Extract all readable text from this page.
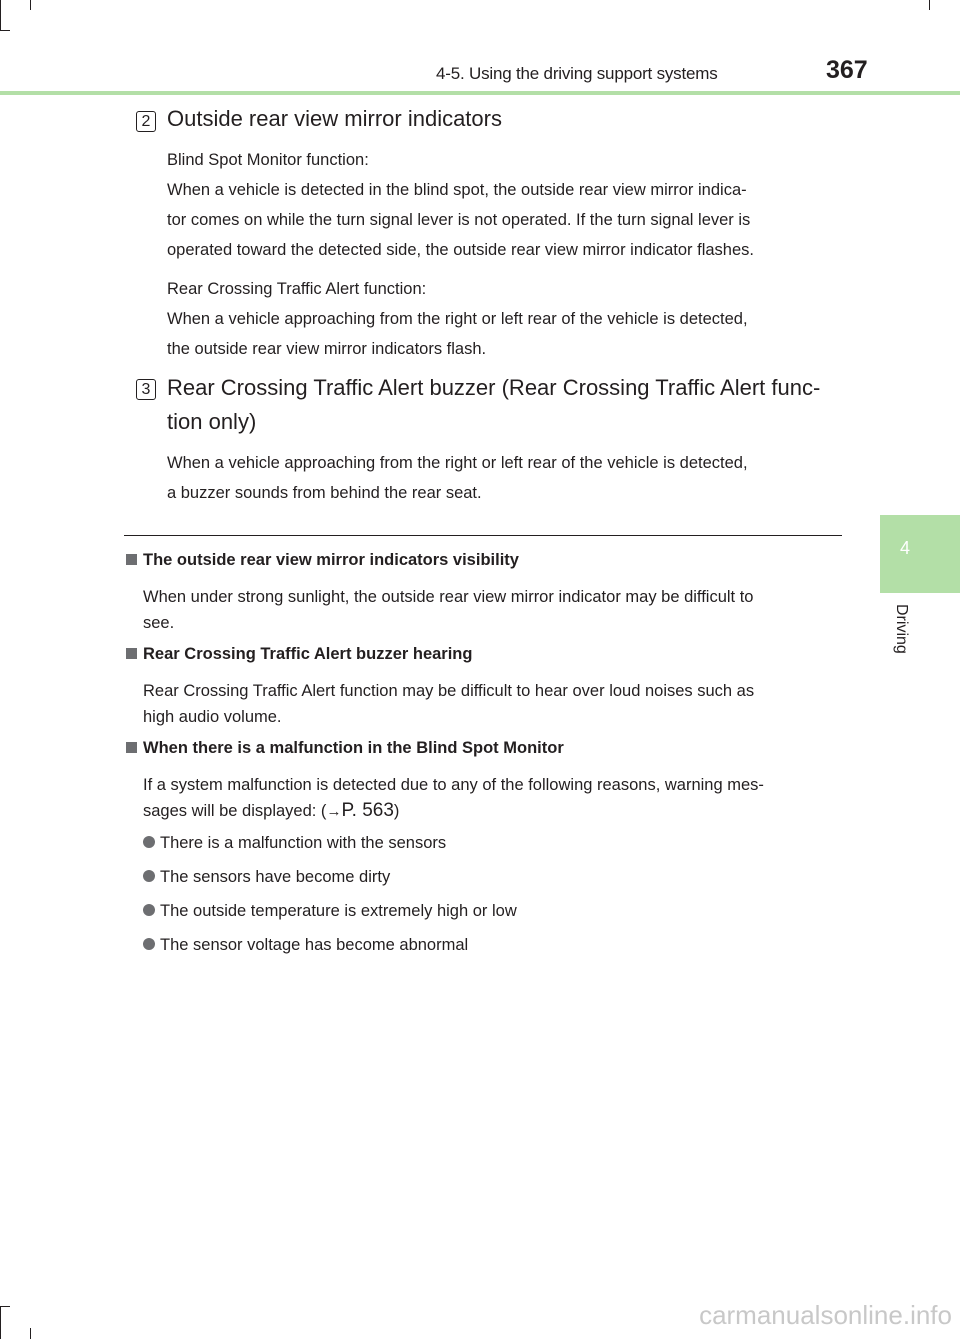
4-5. Using the driving support systems	367
4
Driving
2 Outside rear view mirror indicators

Blind Spot Monitor function:

When a vehicle is detected in the blind spot, the outside rear view mirror indica-

tor comes on while the turn signal lever is not operated. If the turn signal lever is

operated toward the detected side, the outside rear view mirror indicator flashes.

Rear Crossing Traffic Alert function:

When a vehicle approaching from the right or left rear of the vehicle is detected,

the outside rear view mirror indicators flash.

3 Rear Crossing Traffic Alert buzzer (Rear Crossing Traffic Alert func-
tion only)

When a vehicle approaching from the right or left rear of the vehicle is detected,

a buzzer sounds from behind the rear seat.

The outside rear view mirror indicators visibility
When under strong sunlight, the outside rear view mirror indicator may be difficult to
see.
Rear Crossing Traffic Alert buzzer hearing
Rear Crossing Traffic Alert function may be difficult to hear over loud noises such as
high audio volume.
When there is a malfunction in the Blind Spot Monitor
If a system malfunction is detected due to any of the following reasons, warning mes-
sages will be displayed: (→P. 563)
There is a malfunction with the sensors
The sensors have become dirty
The outside temperature is extremely high or low
The sensor voltage has become abnormal
carmanualsonline.info
